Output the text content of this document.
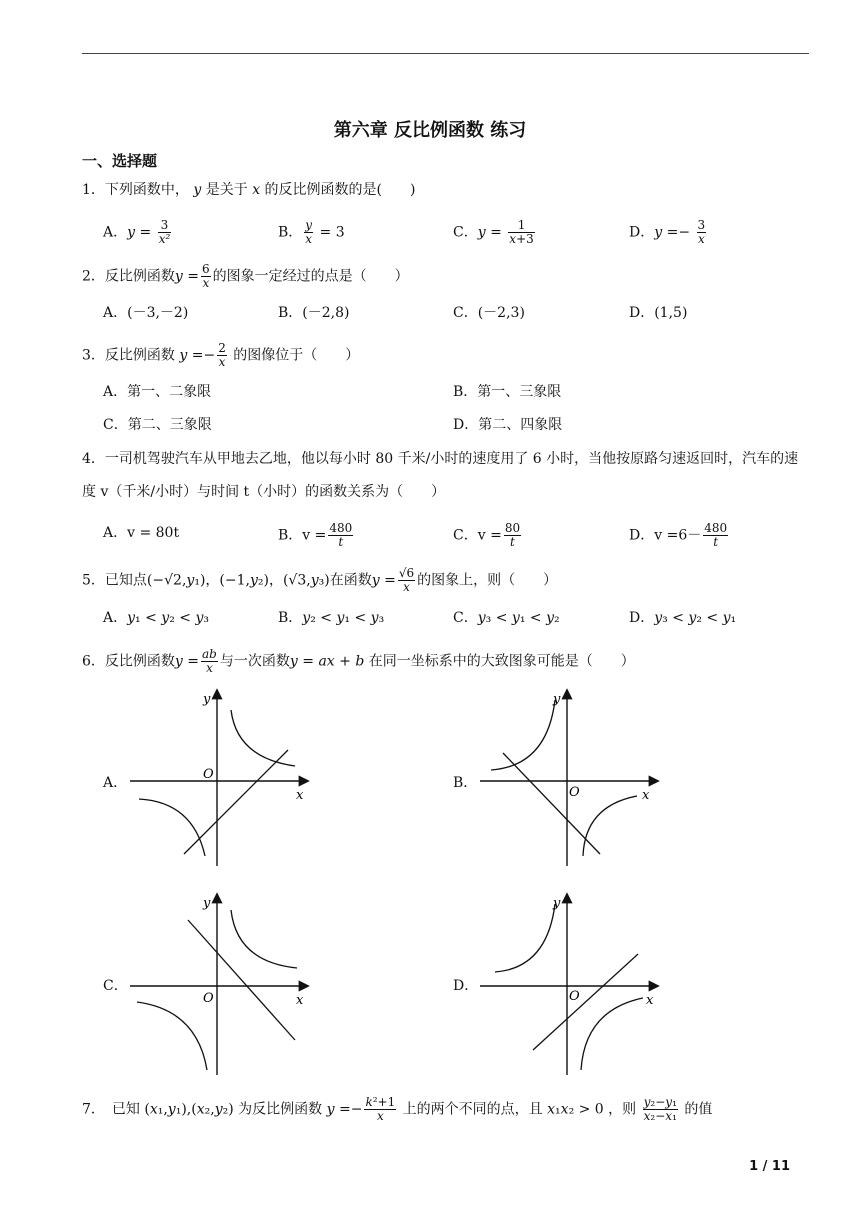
第六章 反比例函数 练习
一、选择题
1．下列函数中， y 是关于 x 的反比例函数的是(　　)
A．$y = \frac{3}{\text{x²}}$	B． $\frac{y}{x} = 3$	C．$y = \frac{1}{x+3}$	D．$y =- \frac{3}{x}$
2．反比例函数$y = \frac{6}{x}$ 的图象一定经过的点是（　　）
A．(－3,－2)	B．(－2,8)	C．(－2,3)	D．(1,5)
3．反比例函数 $y =- \frac{2}{x}$ 的图像位于（　　）
A．第一、二象限	B．第一、三象限
C．第二、三象限	D．第二、四象限
4．一司机驾驶汽车从甲地去乙地，他以每小时 80 千米/小时的速度用了 6 小时，当他按原路匀速返回时，汽车的速度 v（千米/小时）与时间 t（小时）的函数关系为（　　）
A．v = 80t	B．$v = \frac{480}{t}$	C．$v = \frac{80}{t}$	D．$v =6- \frac{480}{t}$
5．已知点(−√2,y₁)，(−1,y₂)，(√3,y₃)在函数$y = \frac{√6}{x}$ 的图象上，则（　　）
A．y₁ < y₂ < y₃	B．y₂ < y₁ < y₃	C．y₃ < y₁ < y₂	D．y₃ < y₂ < y₁
6．反比例函数$y = \frac{ab}{x}$ 与一次函数y = ax + b 在同一坐标系中的大致图象可能是（　　）
A．	B．
C．	D．
O
x
y
O	x
y
O	x
y
O	x
y
7．　已知 (x₁,y₁),(x₂,y₂) 为反比例函数 $y =- \frac{\text{k²+1}}{x}$ 上的两个不同的点，且 x₁x₂ > 0 ，则 $\frac{\text{y₂−y₁}}{\text{x₂−x₁}}$ 的值
1 / 11
